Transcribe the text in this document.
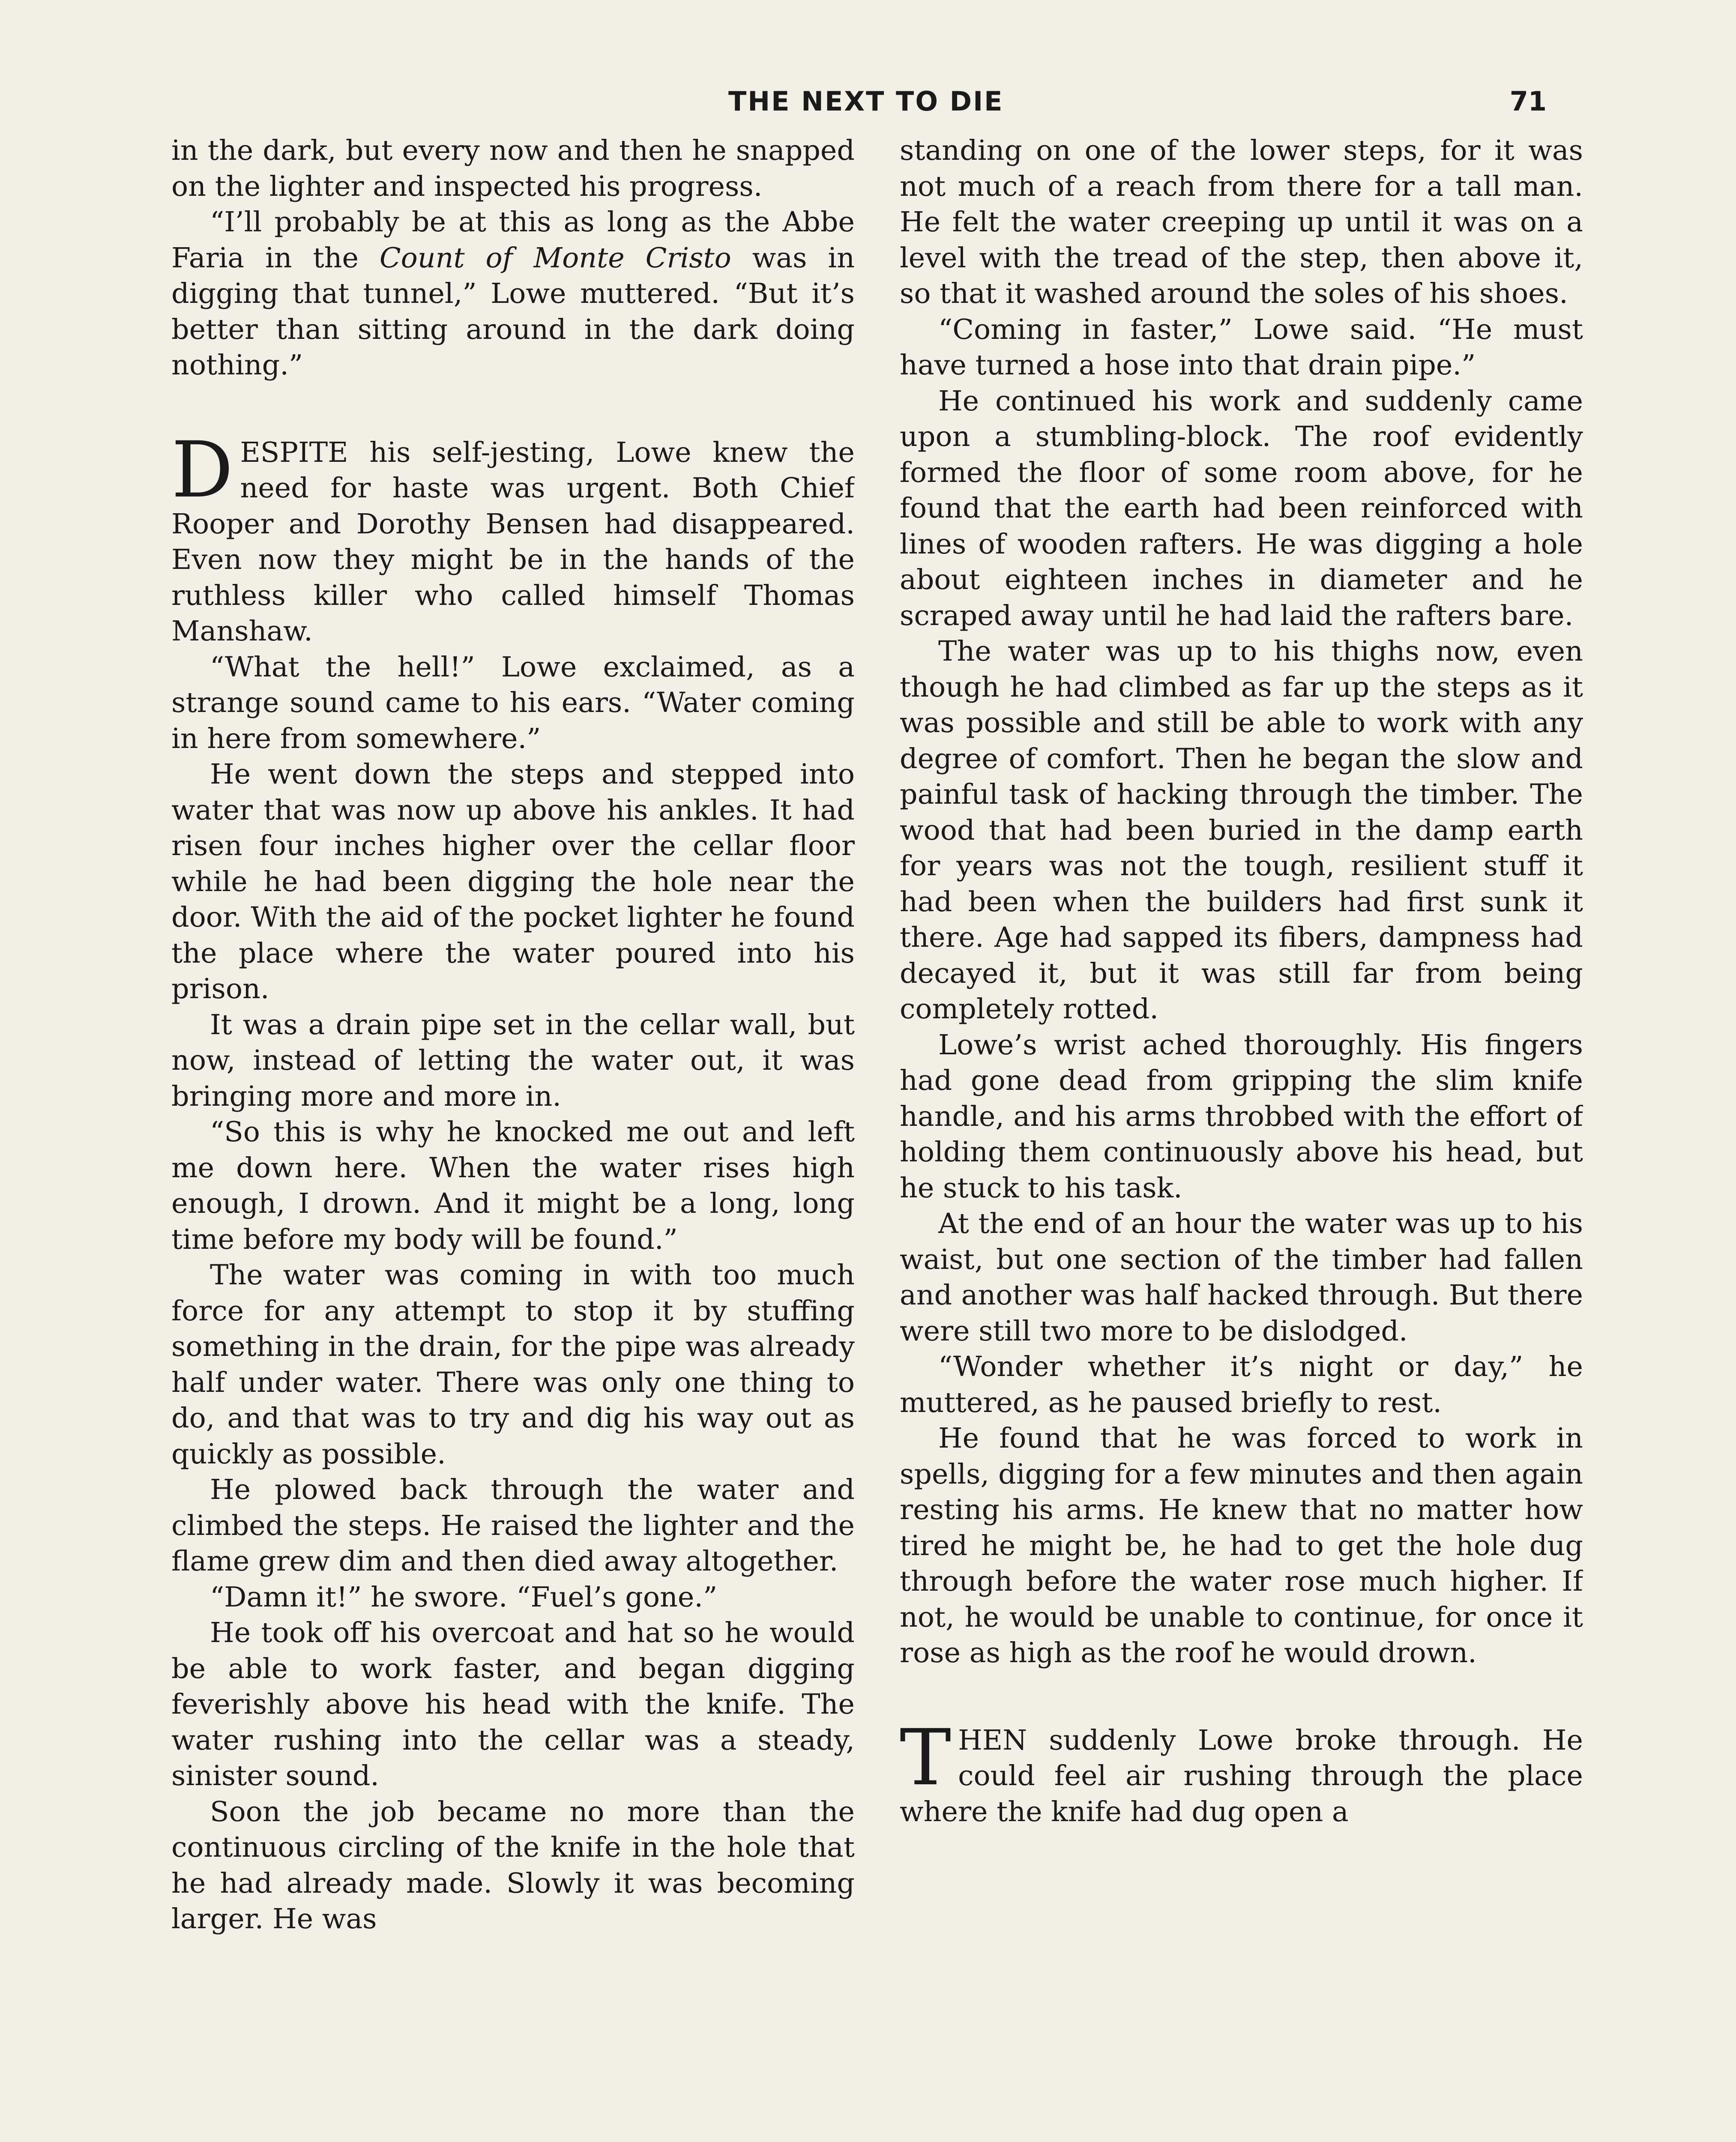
THE NEXT TO DIE	71

in the dark, but every now and then he snapped on the lighter and inspected his progress.

“I’ll probably be at this as long as the Abbe Faria in the Count of Monte Cristo was in digging that tunnel,” Lowe muttered. “But it’s better than sitting around in the dark doing nothing.”

DESPITE his self-jesting, Lowe knew the need for haste was urgent. Both Chief Rooper and Dorothy Bensen had disappeared. Even now they might be in the hands of the ruthless killer who called himself Thomas Manshaw.

“What the hell!” Lowe exclaimed, as a strange sound came to his ears. “Water coming in here from somewhere.”

He went down the steps and stepped into water that was now up above his ankles. It had risen four inches higher over the cellar floor while he had been digging the hole near the door. With the aid of the pocket lighter he found the place where the water poured into his prison.

It was a drain pipe set in the cellar wall, but now, instead of letting the water out, it was bringing more and more in.

“So this is why he knocked me out and left me down here. When the water rises high enough, I drown. And it might be a long, long time before my body will be found.”

The water was coming in with too much force for any attempt to stop it by stuffing something in the drain, for the pipe was already half under water. There was only one thing to do, and that was to try and dig his way out as quickly as possible.

He plowed back through the water and climbed the steps. He raised the lighter and the flame grew dim and then died away altogether.

“Damn it!” he swore. “Fuel’s gone.”

He took off his overcoat and hat so he would be able to work faster, and began digging feverishly above his head with the knife. The water rushing into the cellar was a steady, sinister sound.

Soon the job became no more than the continuous circling of the knife in the hole that he had already made. Slowly it was becoming larger. He was

standing on one of the lower steps, for it was not much of a reach from there for a tall man. He felt the water creeping up until it was on a level with the tread of the step, then above it, so that it washed around the soles of his shoes.

“Coming in faster,” Lowe said. “He must have turned a hose into that drain pipe.”

He continued his work and suddenly came upon a stumbling-block. The roof evidently formed the floor of some room above, for he found that the earth had been reinforced with lines of wooden rafters. He was digging a hole about eighteen inches in diameter and he scraped away until he had laid the rafters bare.

The water was up to his thighs now, even though he had climbed as far up the steps as it was possible and still be able to work with any degree of comfort. Then he began the slow and painful task of hacking through the timber. The wood that had been buried in the damp earth for years was not the tough, resilient stuff it had been when the builders had first sunk it there. Age had sapped its fibers, dampness had decayed it, but it was still far from being completely rotted.

Lowe’s wrist ached thoroughly. His fingers had gone dead from gripping the slim knife handle, and his arms throbbed with the effort of holding them continuously above his head, but he stuck to his task.

At the end of an hour the water was up to his waist, but one section of the timber had fallen and another was half hacked through. But there were still two more to be dislodged.

“Wonder whether it’s night or day,” he muttered, as he paused briefly to rest.

He found that he was forced to work in spells, digging for a few minutes and then again resting his arms. He knew that no matter how tired he might be, he had to get the hole dug through before the water rose much higher. If not, he would be unable to continue, for once it rose as high as the roof he would drown.

THEN suddenly Lowe broke through. He could feel air rushing through the place where the knife had dug open a
